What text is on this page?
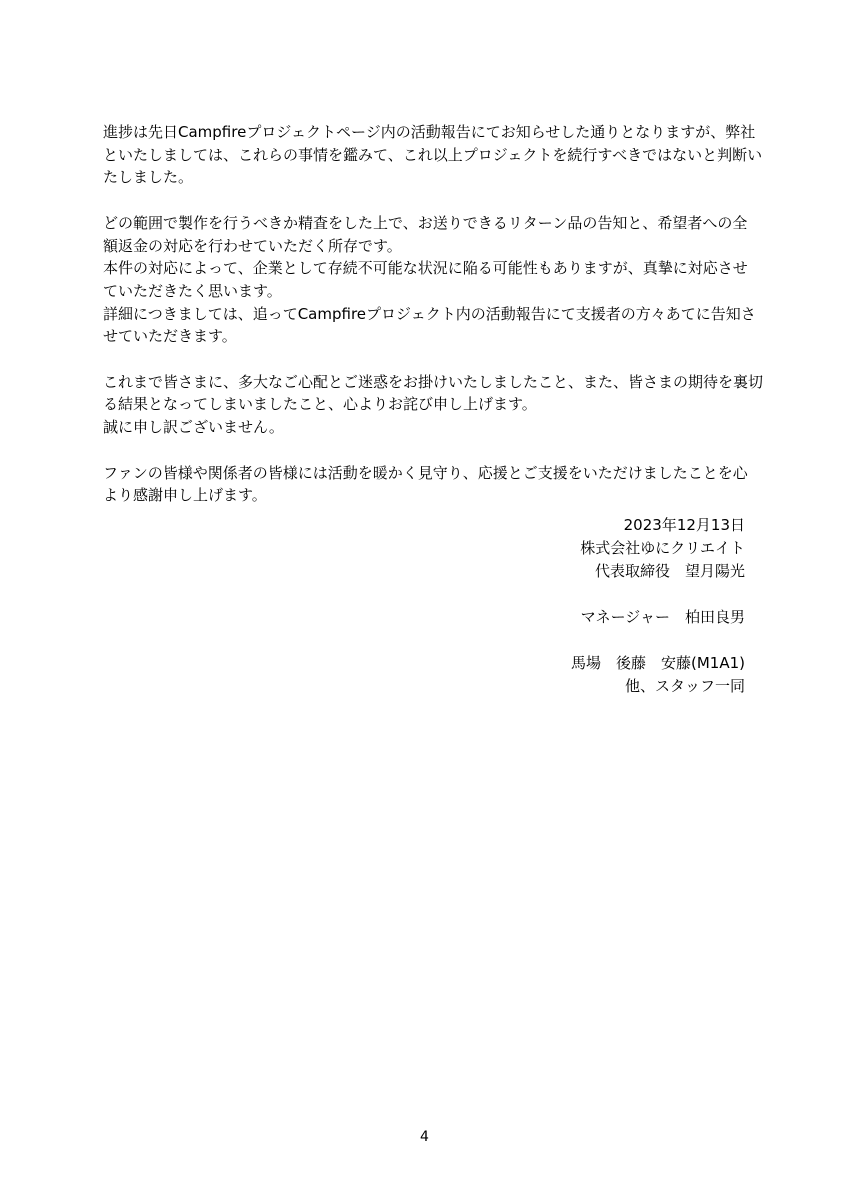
進捗は先日Campfireプロジェクトページ内の活動報告にてお知らせした通りとなりますが、弊社
といたしましては、これらの事情を鑑みて、これ以上プロジェクトを続行すべきではないと判断い
たしました。
どの範囲で製作を行うべきか精査をした上で、お送りできるリターン品の告知と、希望者への全
額返金の対応を行わせていただく所存です。
本件の対応によって、企業として存続不可能な状況に陥る可能性もありますが、真摯に対応させ
ていただきたく思います。
詳細につきましては、追ってCampfireプロジェクト内の活動報告にて支援者の方々あてに告知さ
せていただきます。
これまで皆さまに、多大なご心配とご迷惑をお掛けいたしましたこと、また、皆さまの期待を裏切
る結果となってしまいましたこと、心よりお詫び申し上げます。
誠に申し訳ございません。
ファンの皆様や関係者の皆様には活動を暖かく見守り、応援とご支援をいただけましたことを心
より感謝申し上げます。
2023年12月13日
株式会社ゆにクリエイト
代表取締役　望月陽光
マネージャー　柏田良男
馬場　後藤　安藤(M1A1)
他、スタッフ一同
4
